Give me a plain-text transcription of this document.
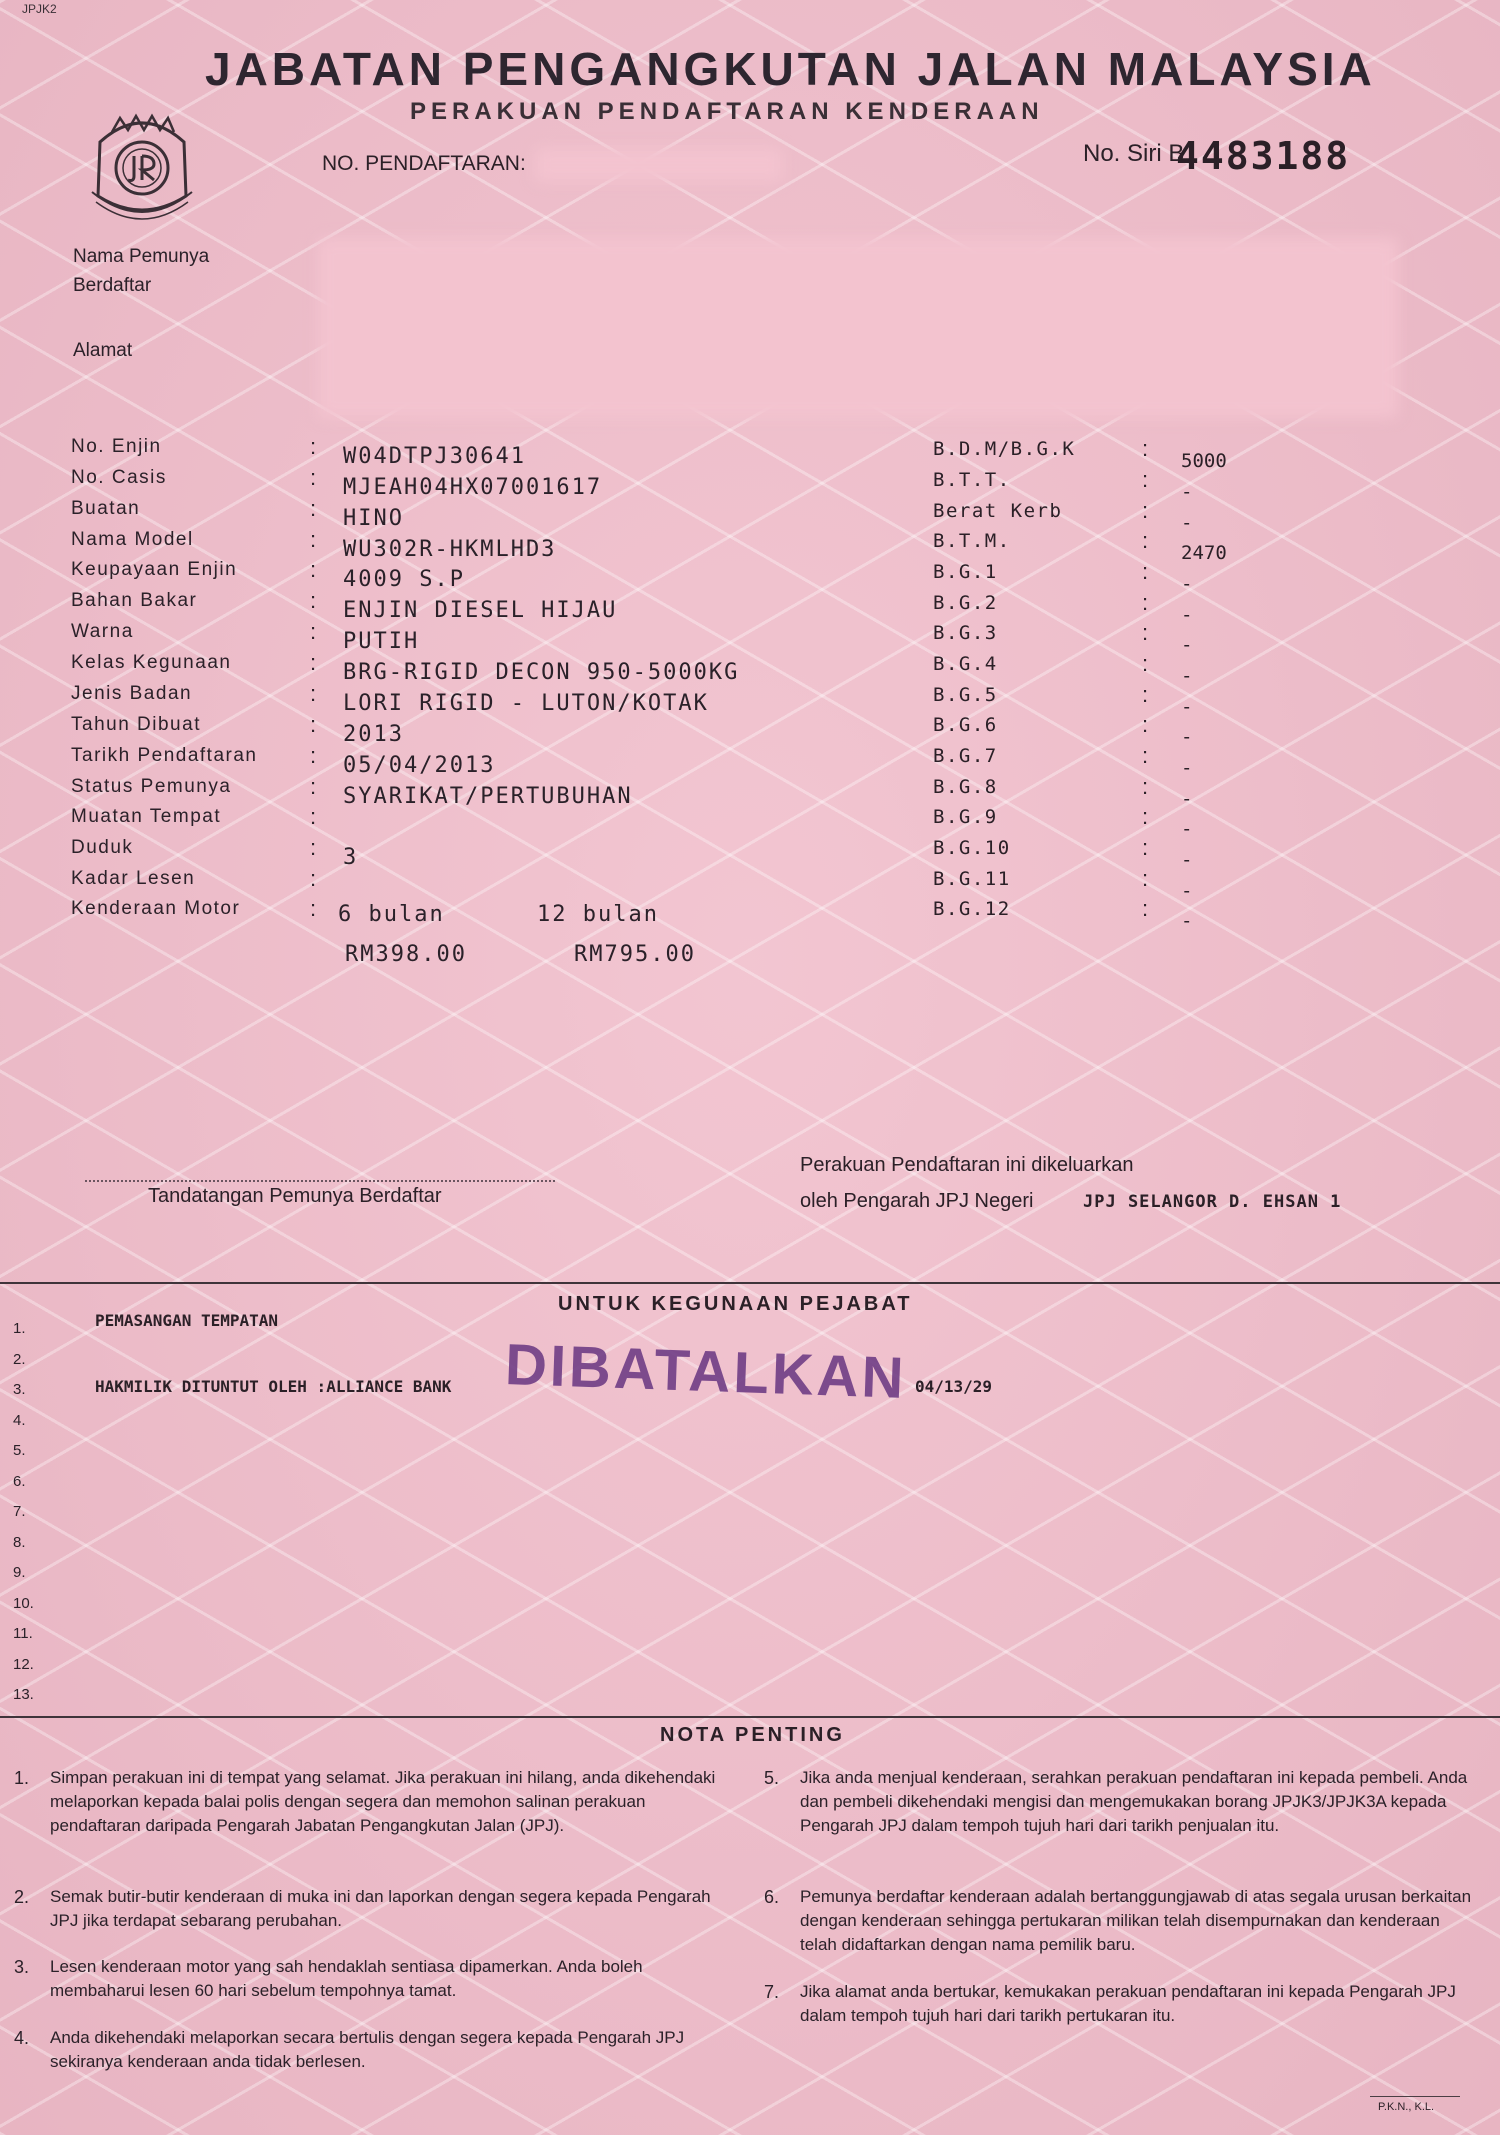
JPJK2
JABATAN PENGANGKUTAN JALAN MALAYSIA
PERAKUAN PENDAFTARAN KENDERAAN
NO. PENDAFTARAN:	No. Siri B
4483188
Nama Pemunya
Berdaftar
Alamat
No. Enjin	: W04DTPJ30641
No. Casis	: MJEAH04HX07001617
Buatan	: HINO
Nama Model	: WU302R-HKMLHD3
Keupayaan Enjin	: 4009 S.P
Bahan Bakar	: ENJIN DIESEL HIJAU
Warna	: PUTIH
Kelas Kegunaan	: BRG-RIGID DECON 950-5000KG
Jenis Badan	: LORI RIGID - LUTON/KOTAK
Tahun Dibuat	: 2013
Tarikh Pendaftaran : 05/04/2013
Status Pemunya	: SYARIKAT/PERTUBUHAN
Muatan Tempat	:
Duduk	: 3
Kadar Lesen	:
Kenderaan Motor	:
B.D.M/B.G.K	: 5000
B.T.T.	: -
Berat Kerb	: -
B.T.M.	: 2470
B.G.1	: -
B.G.2	: -
B.G.3	: -
B.G.4	: -
B.G.5	: -
B.G.6	: -
B.G.7	: -
B.G.8	: -
B.G.9	: -
B.G.10	: -
B.G.11	: -
B.G.12	: -
6 bulan	12 bulan
RM398.00	RM795.00
Tandatangan Pemunya Berdaftar
Perakuan Pendaftaran ini dikeluarkan
oleh Pengarah JPJ Negeri	JPJ SELANGOR D. EHSAN 1
UNTUK KEGUNAAN PEJABAT
1.
2.
3.
4.
5.
6.
7.
8.
9.
10.
11.
12.
13.
PEMASANGAN TEMPATAN
HAKMILIK DITUNTUT OLEH :ALLIANCE BANK	04/13/29
DIBATALKAN
NOTA PENTING
1. Simpan perakuan ini di tempat yang selamat. Jika perakuan ini hilang, anda dikehendaki melaporkan kepada balai polis dengan segera dan memohon salinan perakuan pendaftaran daripada Pengarah Jabatan Pengangkutan Jalan (JPJ).
2. Semak butir-butir kenderaan di muka ini dan laporkan dengan segera kepada Pengarah JPJ jika terdapat sebarang perubahan.
3. Lesen kenderaan motor yang sah hendaklah sentiasa dipamerkan. Anda boleh membaharui lesen 60 hari sebelum tempohnya tamat.
4. Anda dikehendaki melaporkan secara bertulis dengan segera kepada Pengarah JPJ sekiranya kenderaan anda tidak berlesen.
5. Jika anda menjual kenderaan, serahkan perakuan pendaftaran ini kepada pembeli. Anda dan pembeli dikehendaki mengisi dan mengemukakan borang JPJK3/JPJK3A kepada Pengarah JPJ dalam tempoh tujuh hari dari tarikh penjualan itu.
6. Pemunya berdaftar kenderaan adalah bertanggungjawab di atas segala urusan berkaitan dengan kenderaan sehingga pertukaran milikan telah disempurnakan dan kenderaan telah didaftarkan dengan nama pemilik baru.
7. Jika alamat anda bertukar, kemukakan perakuan pendaftaran ini kepada Pengarah JPJ dalam tempoh tujuh hari dari tarikh pertukaran itu.
P.K.N., K.L.
